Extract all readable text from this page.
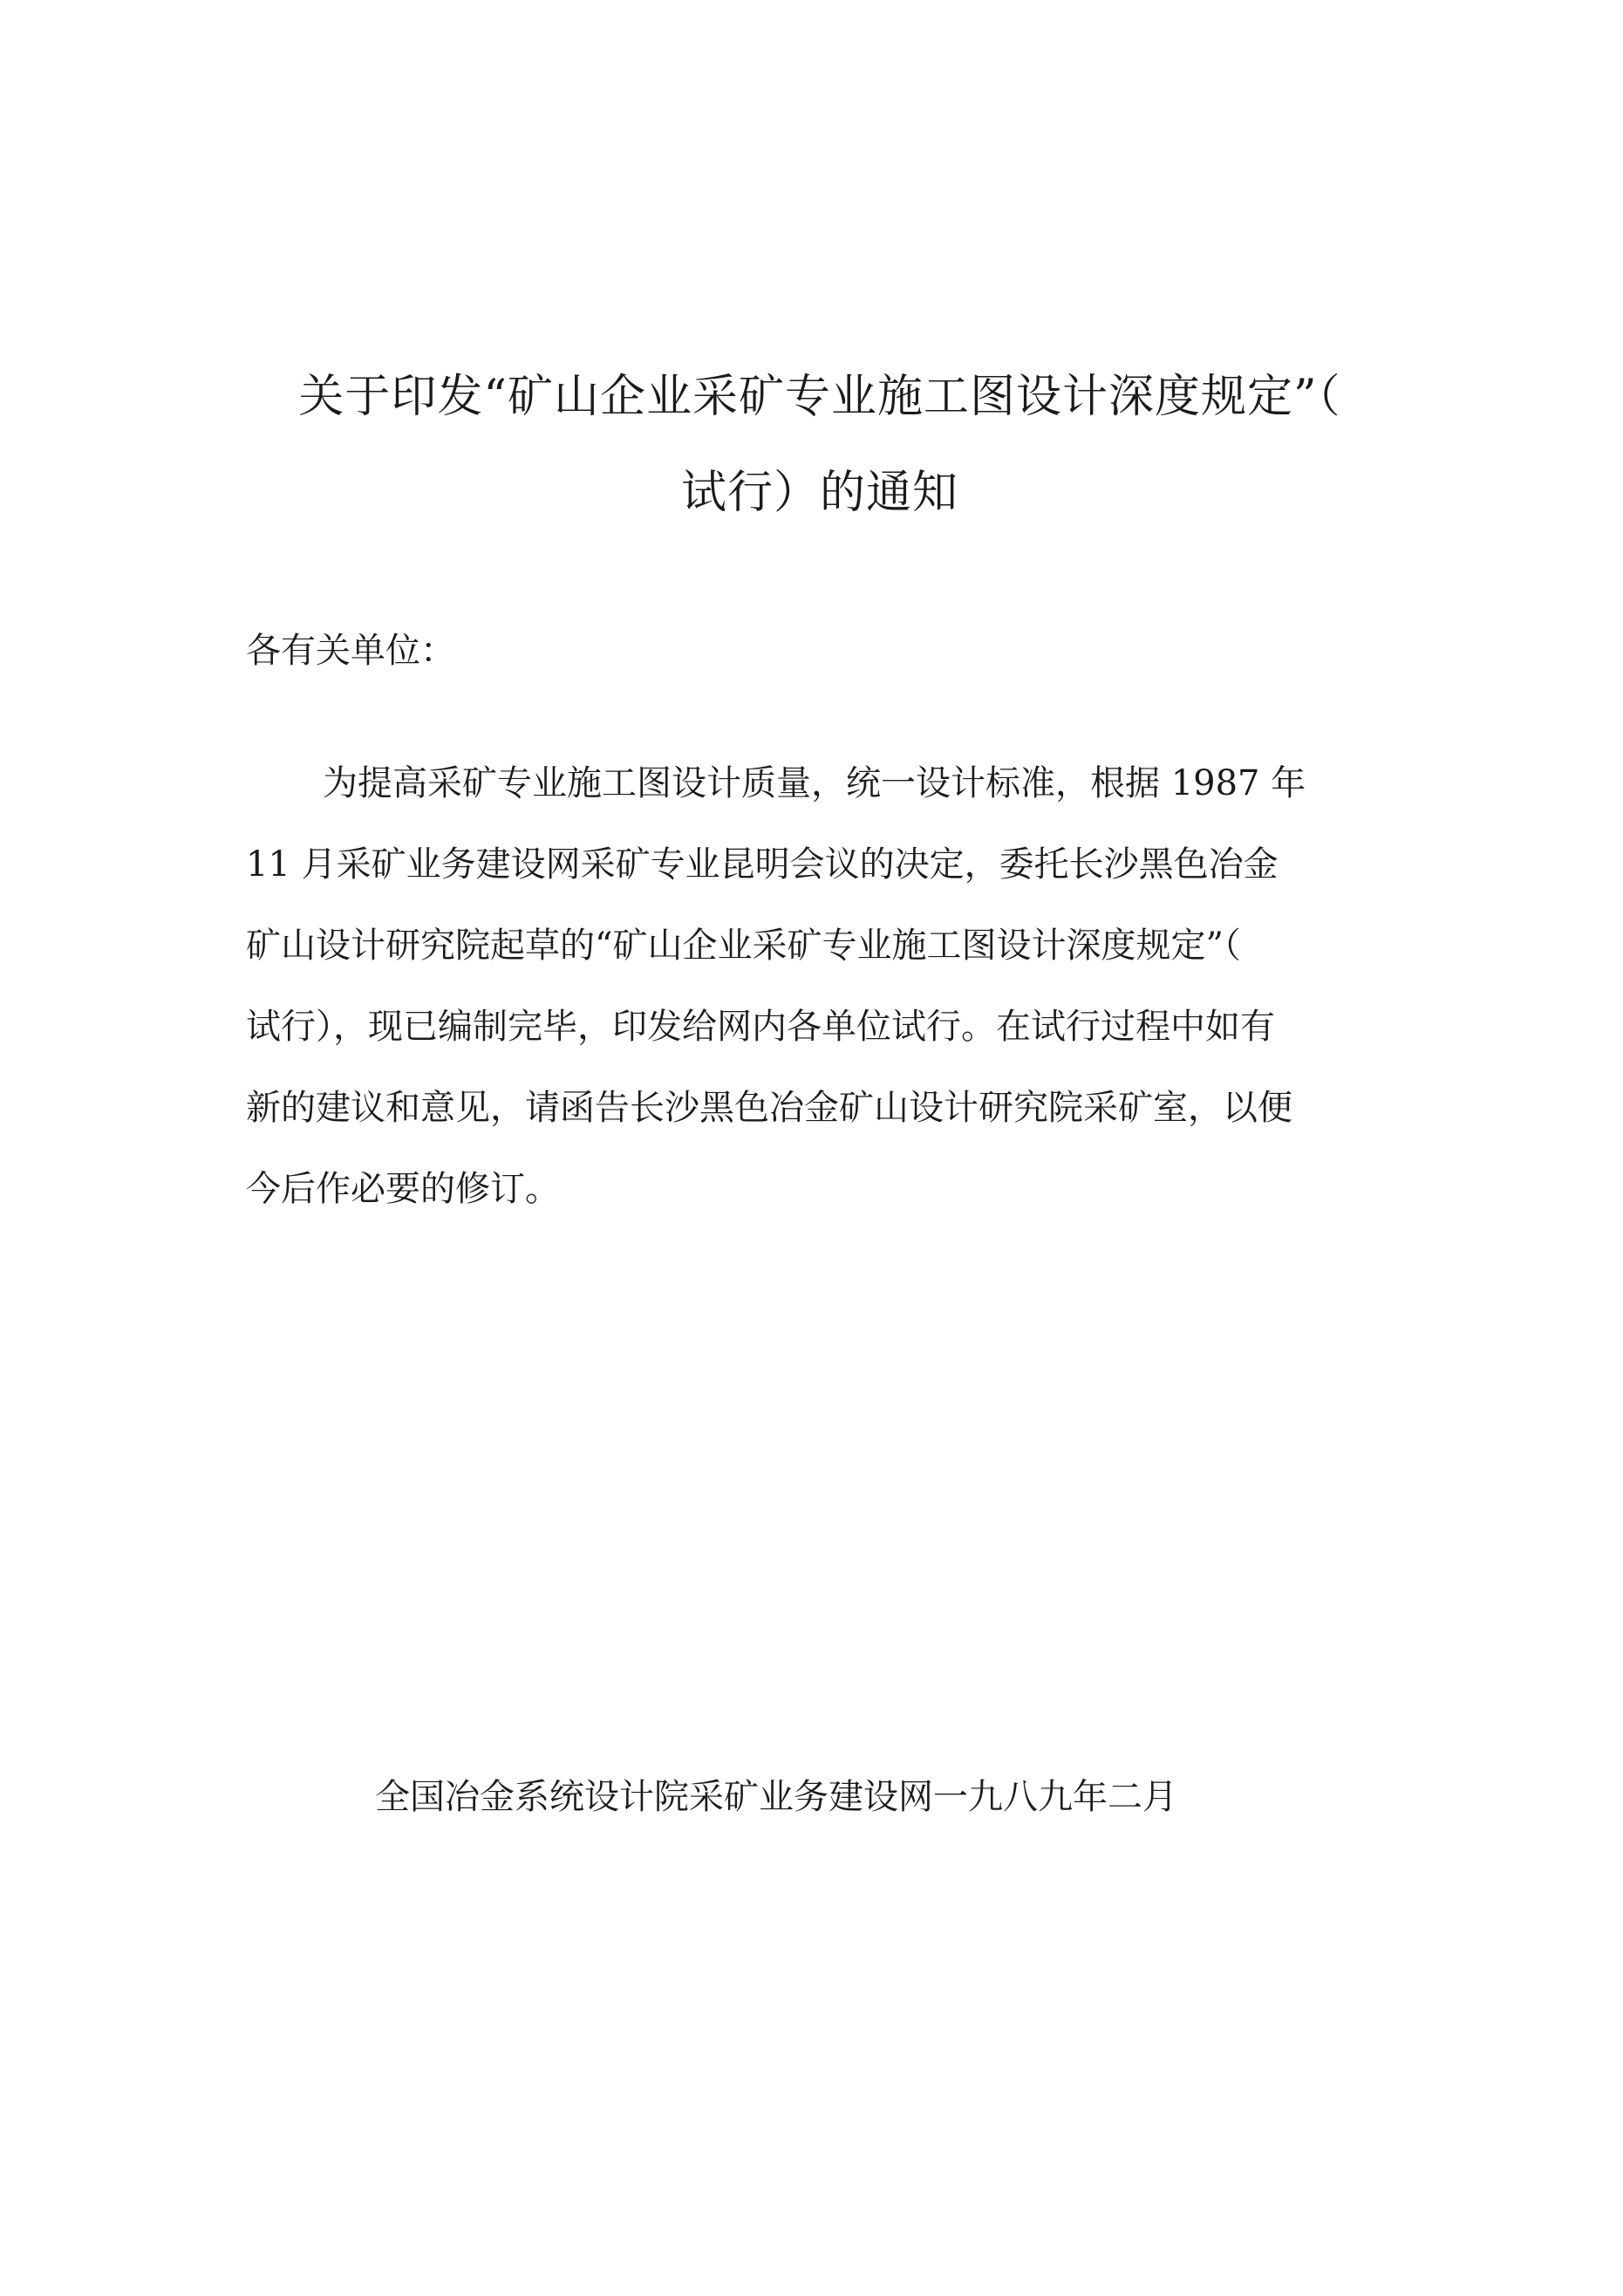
关于印发“矿山企业采矿专业施工图设计深度规定”（
试行）的通知

各有关单位：

为提高采矿专业施工图设计质量，统一设计标准，根据 1987 年
11 月采矿业务建设网采矿专业昆明会议的决定，委托长沙黑色冶金
矿山设计研究院起草的“矿山企业采矿专业施工图设计深度规定”（
试行），现已编制完毕，印发给网内各单位试行。在试行过程中如有
新的建议和意见，请函告长沙黑色冶金矿山设计研究院采矿室，以便
今后作必要的修订。

全国冶金系统设计院采矿业务建设网一九八九年二月
